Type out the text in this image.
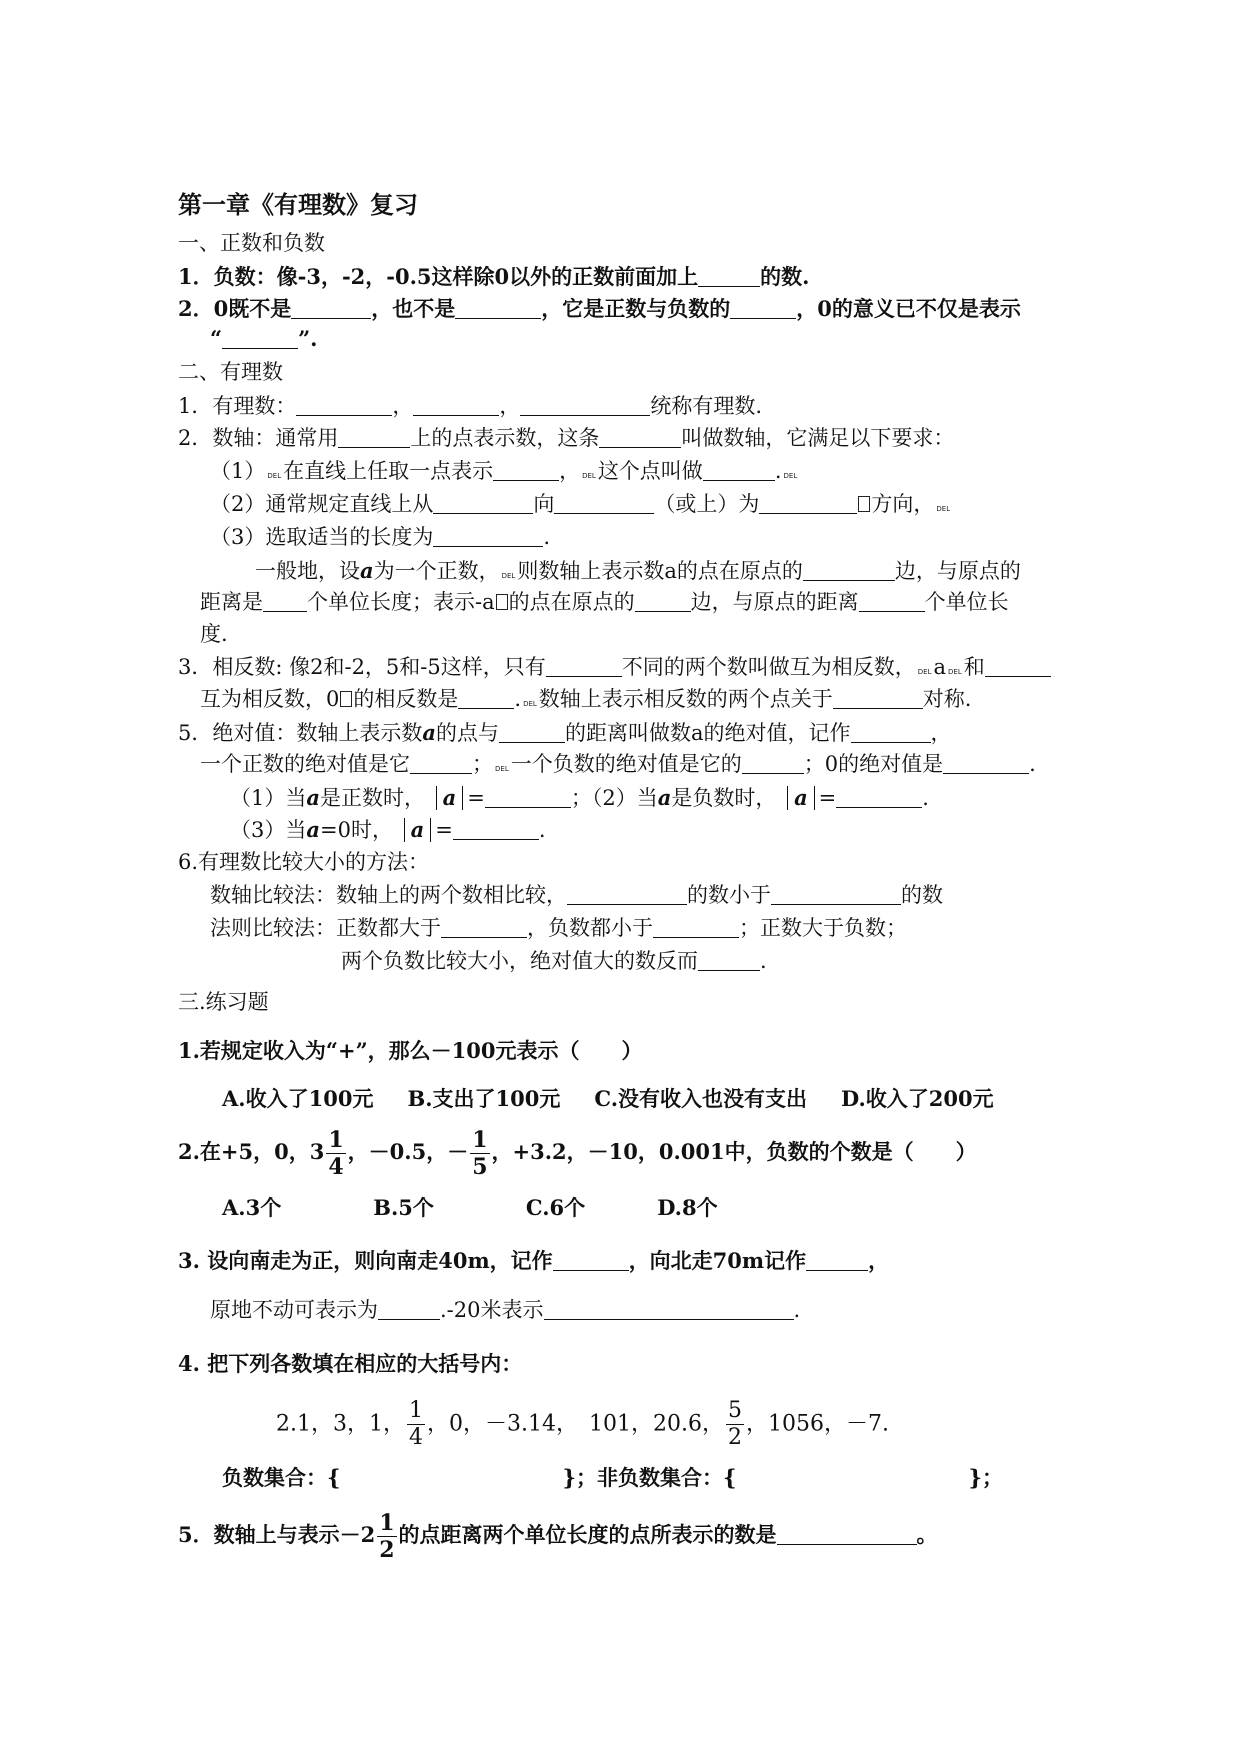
第一章《有理数》复习
一、正数和负数
1．负数：像-3，-2，-0.5这样除0以外的正数前面加上	的数.
2．0既不是	，也不是	，它是正数与负数的	，0的意义已不仅是表示
“	”.
二、有理数
1．有理数：	，	，	统称有理数.
2．数轴：通常用	上的点表示数，这条	叫做数轴，它满足以下要求：
（1） DEL在直线上任取一点表示	， DEL这个点叫做	. DEL
（2）通常规定直线上从	向	（或上）为	方向， DEL
（3）选取适当的长度为	.
一般地，设a为一个正数， DEL则数轴上表示数a的点在原点的	边，与原点的
距离是 个单位长度；表示-a 的点在原点的	边，与原点的距离	个单位长
度.
3．相反数: 像2和-2，5和-5这样，只有	不同的两个数叫做互为相反数， DELa DEL和
互为相反数，0 的相反数是	. DEL数轴上表示相反数的两个点关于	对称.
5．绝对值：数轴上表示数a的点与	的距离叫做数a的绝对值，记作	，
一个正数的绝对值是它	； DEL一个负数的绝对值是它的	；0的绝对值是	.
（1）当a是正数时， a =	；（2）当a是负数时， a =	.
（3）当a=0时， a =	.
6.有理数比较大小的方法：
数轴比较法：数轴上的两个数相比较，	的数小于	的数
法则比较法：正数都大于	，负数都小于	；正数大于负数；
两个负数比较大小，绝对值大的数反而	.
三.练习题
1.若规定收入为“+”，那么－100元表示（　　）
A.收入了100元 B.支出了100元 C.没有收入也没有支出 D.收入了200元
2.在+5，0，$3 \frac{1}{4}$ ，－0.5，－ $\frac{1}{5}$ ，+3.2，－10，0.001中，负数的个数是（　　）
A.3个	B.5个	C.6个	D.8个
3. 设向南走为正，则向南走40m，记作	，向北走70m记作	，
原地不动可表示为	.-20米表示	.
4. 把下列各数填在相应的大括号内：
2.1，3，1， $\frac{1}{4}$ ，0，－3.14，　101，20.6， $\frac{5}{2}$ ，1056，－7.
负数集合：{	}；非负数集合：{	}；
5．数轴上与表示$-2 \frac{1}{2}$ 的点距离两个单位长度的点所表示的数是	。
